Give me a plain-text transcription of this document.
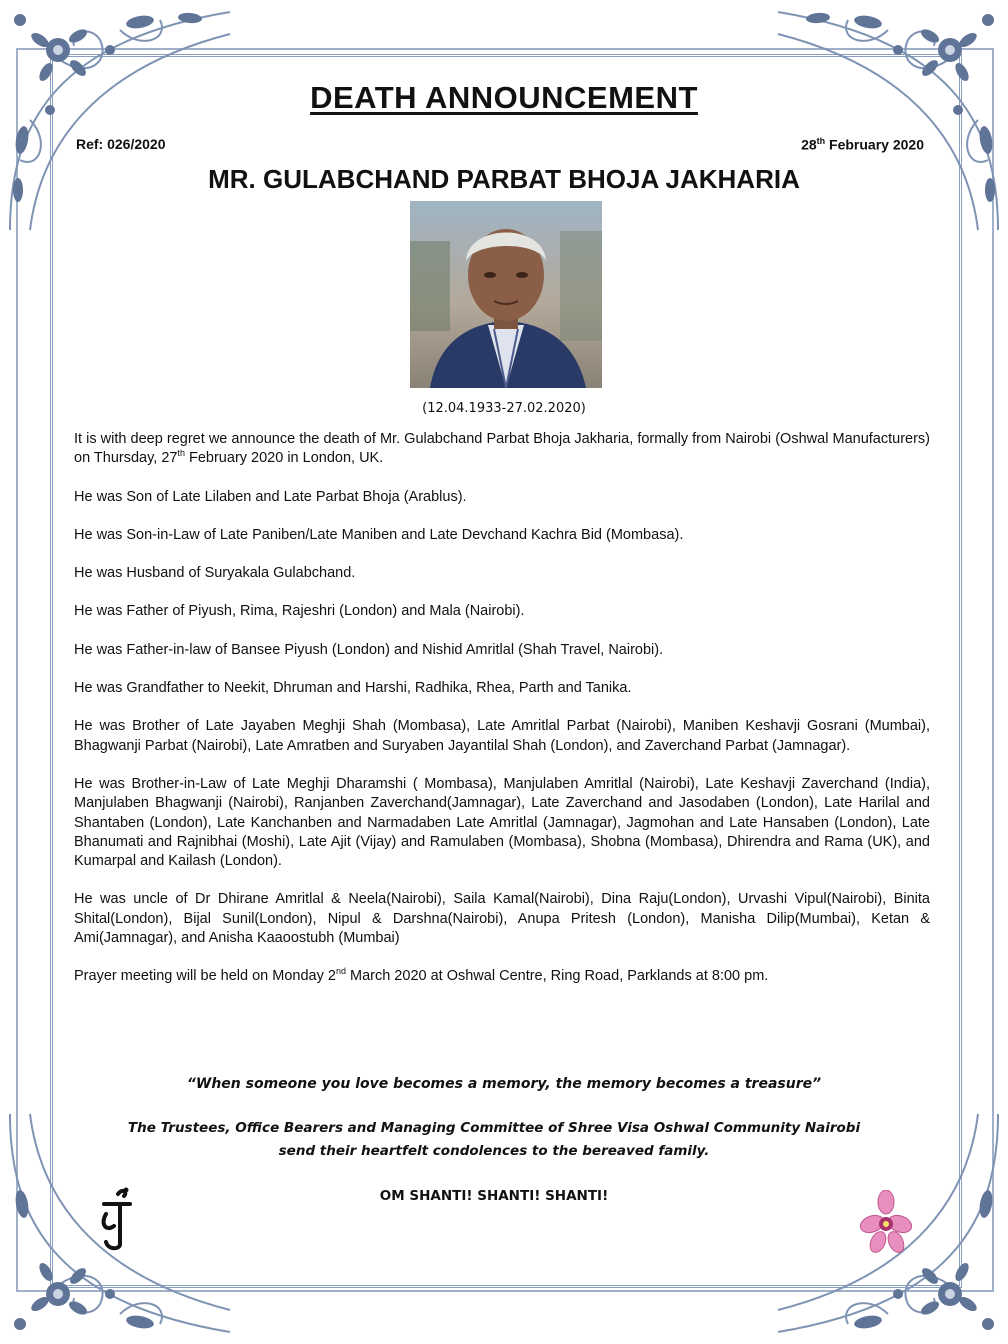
DEATH ANNOUNCEMENT
Ref: 026/2020	28th February 2020
MR. GULABCHAND PARBAT BHOJA JAKHARIA
(12.04.1933-27.02.2020)

It is with deep regret we announce the death of Mr. Gulabchand Parbat Bhoja Jakharia, formally from Nairobi (Oshwal Manufacturers) on Thursday, 27th February 2020 in London, UK.

He was Son of Late Lilaben and Late Parbat Bhoja (Arablus).

He was Son-in-Law of Late Paniben/Late Maniben and Late Devchand Kachra Bid (Mombasa).

He was Husband of Suryakala Gulabchand.

He was Father of Piyush, Rima, Rajeshri (London) and Mala (Nairobi).

He was Father-in-law of Bansee Piyush (London) and Nishid Amritlal (Shah Travel, Nairobi).

He was Grandfather to Neekit, Dhruman and Harshi, Radhika, Rhea, Parth and Tanika.

He was Brother of Late Jayaben Meghji Shah (Mombasa), Late Amritlal Parbat (Nairobi), Maniben Keshavji Gosrani (Mumbai), Bhagwanji Parbat (Nairobi), Late Amratben and Suryaben Jayantilal Shah (London), and Zaverchand Parbat (Jamnagar).

He was Brother-in-Law of Late Meghji Dharamshi ( Mombasa), Manjulaben Amritlal (Nairobi), Late Keshavji Zaverchand (India), Manjulaben Bhagwanji (Nairobi), Ranjanben Zaverchand(Jamnagar), Late Zaverchand and Jasodaben (London), Late Harilal and Shantaben (London), Late Kanchanben and Narmadaben Late Amritlal (Jamnagar), Jagmohan and Late Hansaben (London), Late Bhanumati and Rajnibhai (Moshi), Late Ajit (Vijay) and Ramulaben (Mombasa), Shobna (Mombasa), Dhirendra and Rama (UK), and Kumarpal and Kailash (London).

He was uncle of Dr Dhirane Amritlal & Neela(Nairobi), Saila Kamal(Nairobi), Dina Raju(London), Urvashi Vipul(Nairobi), Binita Shital(London), Bijal Sunil(London), Nipul & Darshna(Nairobi), Anupa Pritesh (London), Manisha Dilip(Mumbai), Ketan & Ami(Jamnagar), and Anisha Kaaoostubh (Mumbai)

Prayer meeting will be held on Monday 2nd March 2020 at Oshwal Centre, Ring Road, Parklands at 8:00 pm.

“When someone you love becomes a memory, the memory becomes a treasure”
The Trustees, Office Bearers and Managing Committee of Shree Visa Oshwal Community Nairobi
send their heartfelt condolences to the bereaved family.
OM SHANTI! SHANTI! SHANTI!
